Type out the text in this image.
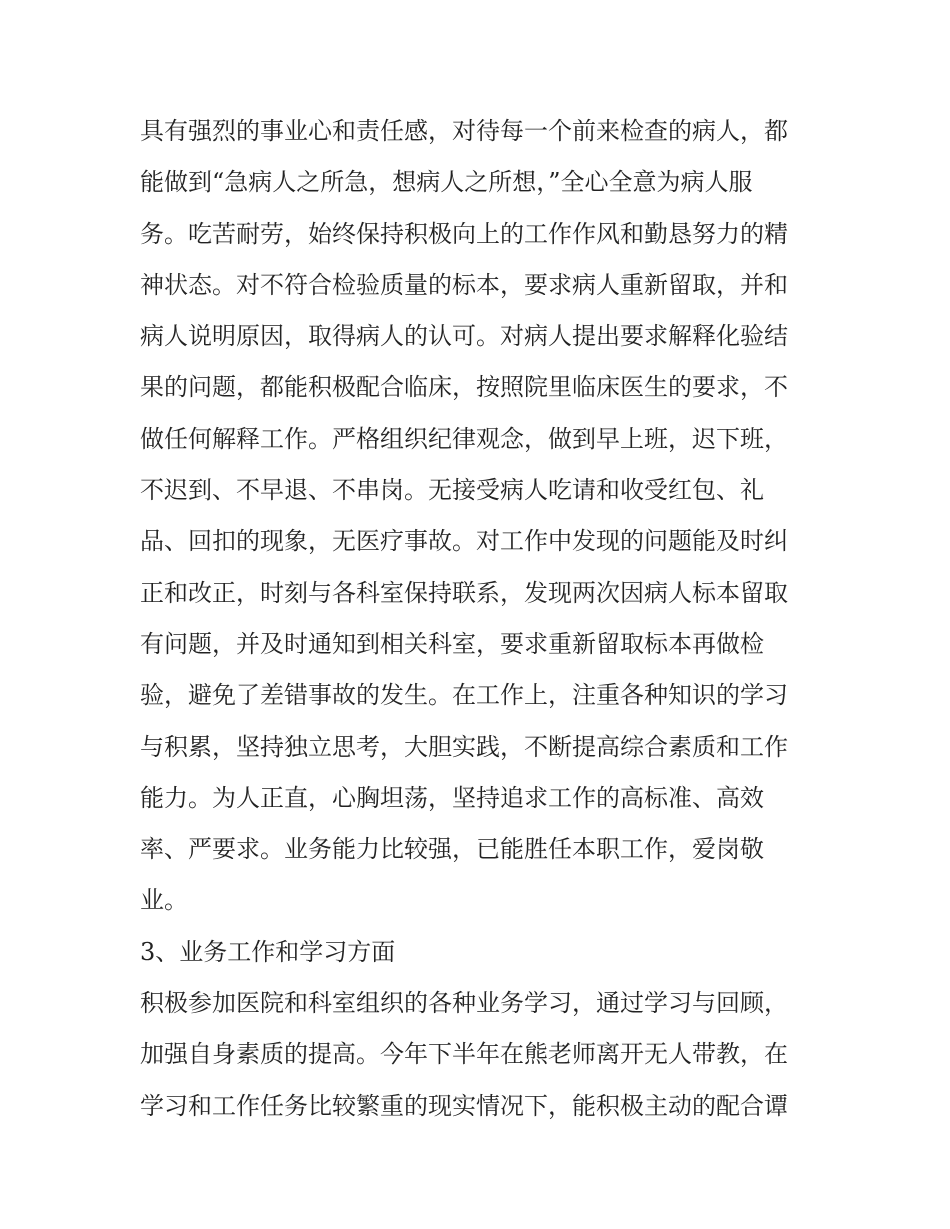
具有强烈的事业心和责任感，对待每一个前来检查的病人，都
能做到“急病人之所急，想病人之所想，”全心全意为病人服
务。吃苦耐劳，始终保持积极向上的工作作风和勤恳努力的精
神状态。对不符合检验质量的标本，要求病人重新留取，并和
病人说明原因，取得病人的认可。对病人提出要求解释化验结
果的问题，都能积极配合临床，按照院里临床医生的要求，不
做任何解释工作。严格组织纪律观念，做到早上班，迟下班，
不迟到、不早退、不串岗。无接受病人吃请和收受红包、礼
品、回扣的现象，无医疗事故。对工作中发现的问题能及时纠
正和改正，时刻与各科室保持联系，发现两次因病人标本留取
有问题，并及时通知到相关科室，要求重新留取标本再做检
验，避免了差错事故的发生。在工作上，注重各种知识的学习
与积累，坚持独立思考，大胆实践，不断提高综合素质和工作
能力。为人正直，心胸坦荡，坚持追求工作的高标准、高效
率、严要求。业务能力比较强，已能胜任本职工作，爱岗敬
业。
3、业务工作和学习方面
积极参加医院和科室组织的各种业务学习，通过学习与回顾，
加强自身素质的提高。今年下半年在熊老师离开无人带教，在
学习和工作任务比较繁重的现实情况下，能积极主动的配合谭
